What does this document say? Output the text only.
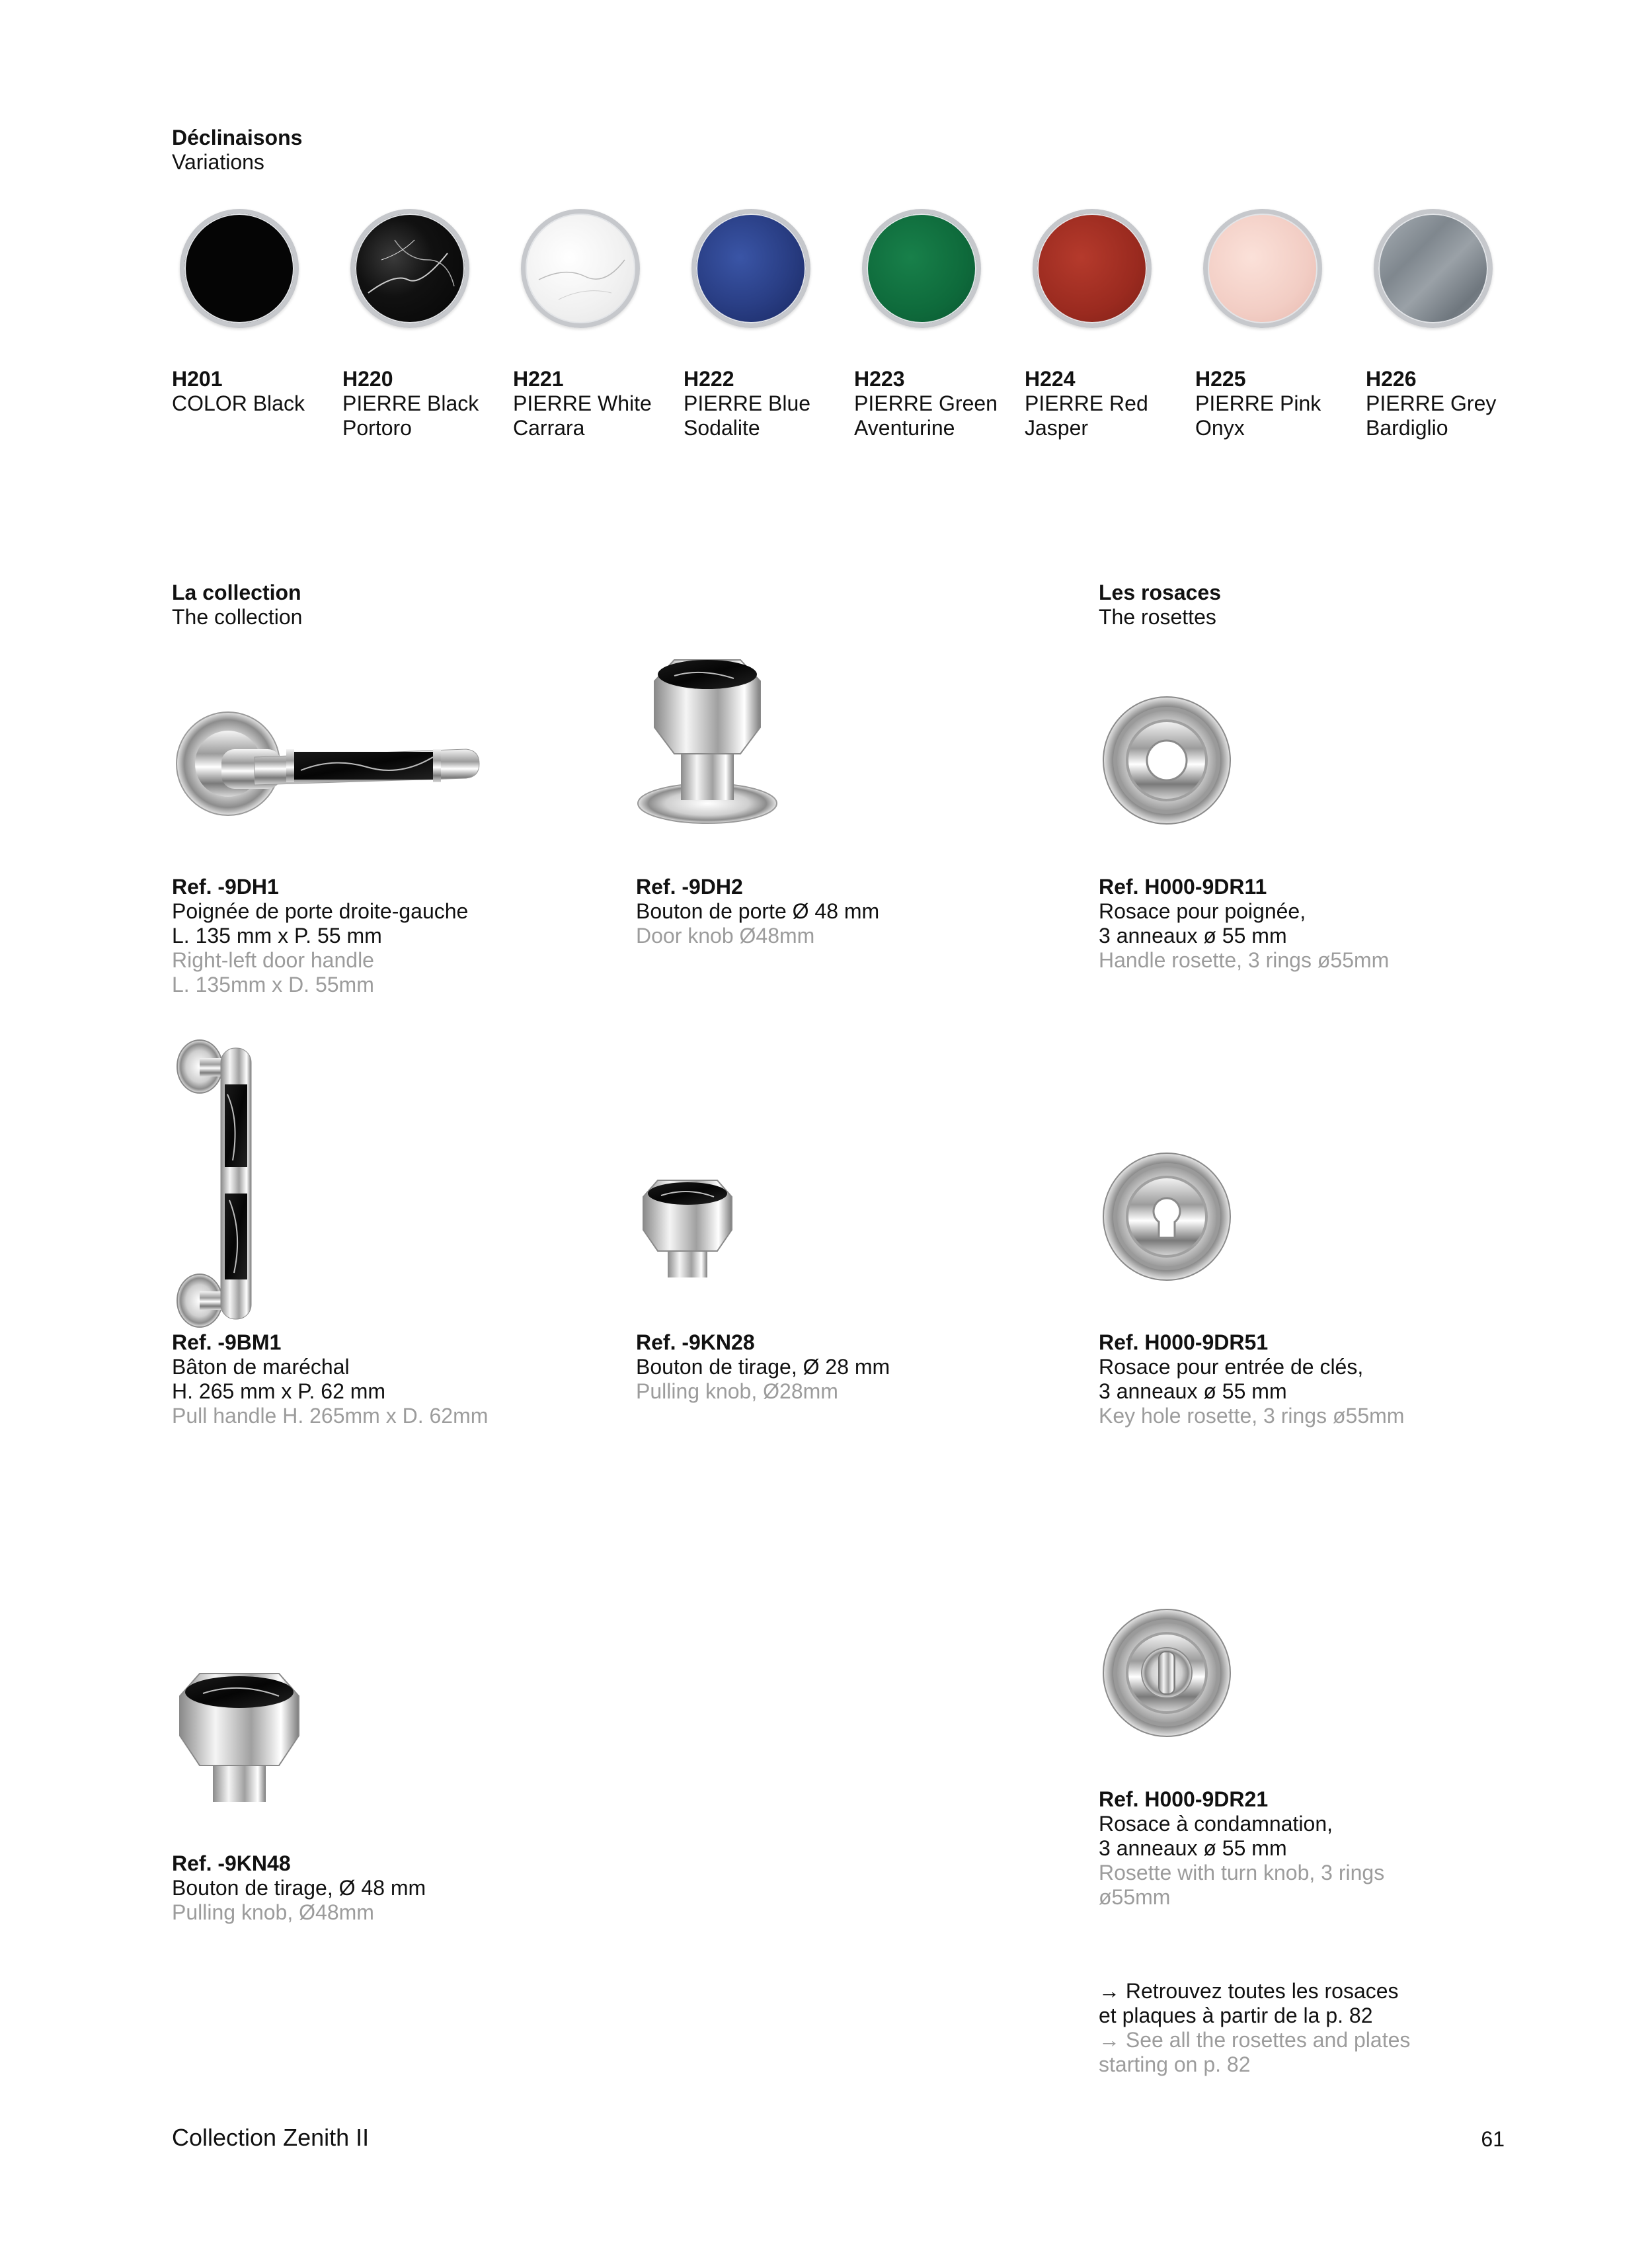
Déclinaisons
Variations
H201
COLOR Black
H220
PIERRE Black
Portoro
H221
PIERRE White
Carrara
H222
PIERRE Blue
Sodalite
H223
PIERRE Green
Aventurine
H224
PIERRE Red
Jasper
H225
PIERRE Pink
Onyx
H226
PIERRE Grey
Bardiglio
La collection
The collection
Les rosaces
The rosettes
Ref. -9DH1
Poignée de porte droite-gauche
L. 135 mm x P. 55 mm
Right-left door handle
L. 135mm x D. 55mm
Ref. -9DH2
Bouton de porte Ø 48 mm
Door knob Ø48mm
Ref. H000-9DR11
Rosace pour poignée,
3 anneaux ø 55 mm
Handle rosette, 3 rings ø55mm
Ref. -9BM1
Bâton de maréchal
H. 265 mm x P. 62 mm
Pull handle H. 265mm x D. 62mm
Ref. -9KN28
Bouton de tirage, Ø 28 mm
Pulling knob, Ø28mm
Ref. H000-9DR51
Rosace pour entrée de clés,
3 anneaux ø 55 mm
Key hole rosette, 3 rings ø55mm
Ref. -9KN48
Bouton de tirage, Ø 48 mm
Pulling knob, Ø48mm
Ref. H000-9DR21
Rosace à condamnation,
3 anneaux ø 55 mm
Rosette with turn knob, 3 rings
ø55mm
→ Retrouvez toutes les rosaces
et plaques à partir de la p. 82
→ See all the rosettes and plates
starting on p. 82
Collection Zenith II	61
